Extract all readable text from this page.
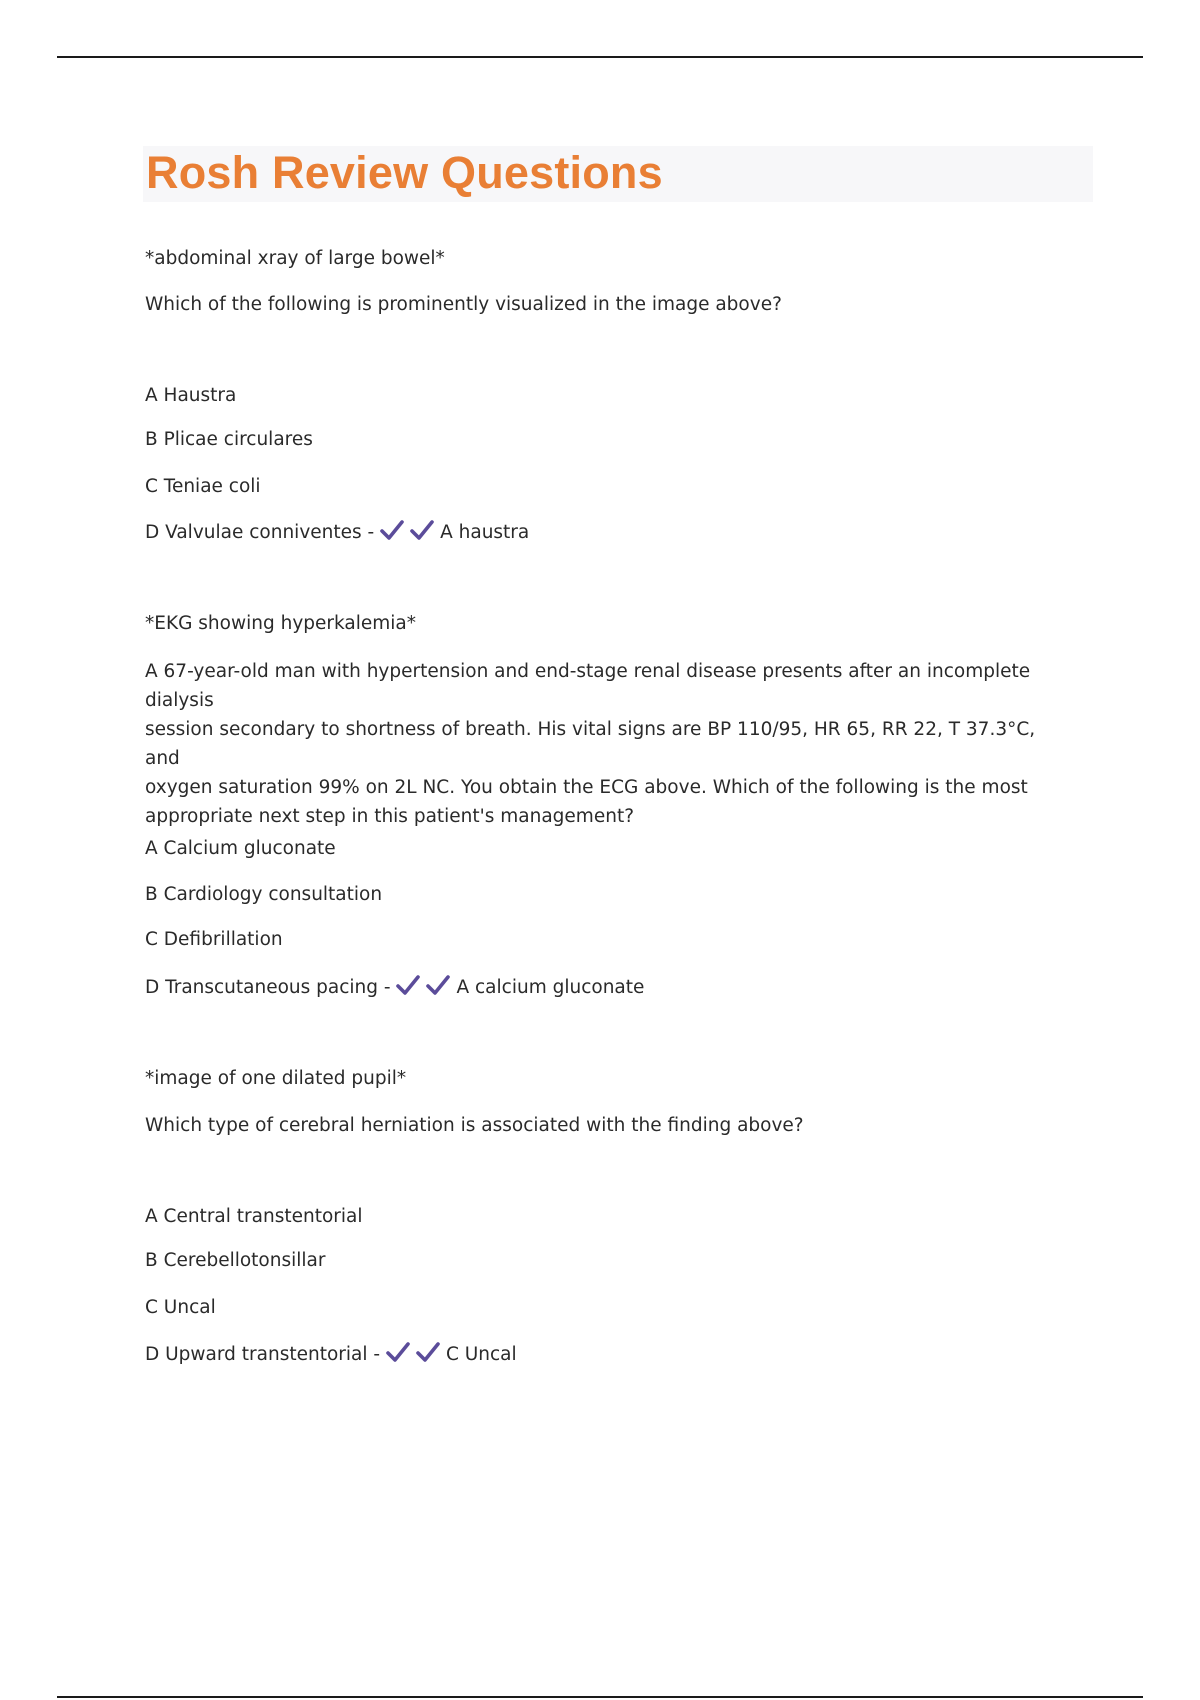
Rosh Review Questions
*abdominal xray of large bowel*
Which of the following is prominently visualized in the image above?
A Haustra
B Plicae circulares
C Teniae coli
D Valvulae conniventes -	A haustra
*EKG showing hyperkalemia*
A 67-year-old man with hypertension and end-stage renal disease presents after an incomplete dialysis
session secondary to shortness of breath. His vital signs are BP 110/95, HR 65, RR 22, T 37.3°C, and
oxygen saturation 99% on 2L NC. You obtain the ECG above. Which of the following is the most
appropriate next step in this patient's management?
A Calcium gluconate
B Cardiology consultation
C Defibrillation
D Transcutaneous pacing -	A calcium gluconate
*image of one dilated pupil*
Which type of cerebral herniation is associated with the finding above?
A Central transtentorial
B Cerebellotonsillar
C Uncal
D Upward transtentorial -	C Uncal
